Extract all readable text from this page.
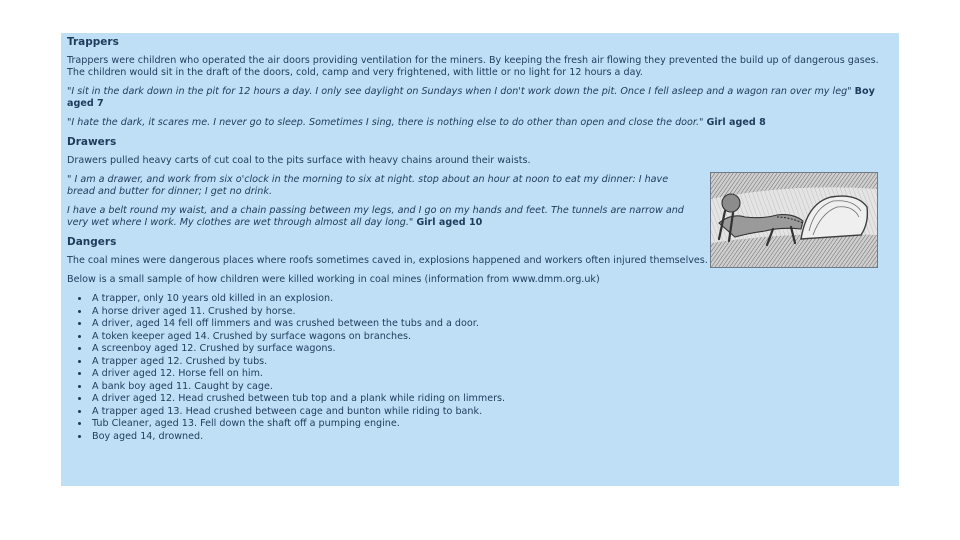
Trappers

Trappers were children who operated the air doors providing ventilation for the miners. By keeping the fresh air flowing they prevented the build up of dangerous gases. The children would sit in the draft of the doors, cold, camp and very frightened, with little or no light for 12 hours a day.

"I sit in the dark down in the pit for 12 hours a day. I only see daylight on Sundays when I don't work down the pit. Once I fell asleep and a wagon ran over my leg" Boy aged 7

"I hate the dark, it scares me. I never go to sleep. Sometimes I sing, there is nothing else to do other than open and close the door." Girl aged 8

Drawers

Drawers pulled heavy carts of cut coal to the pits surface with heavy chains around their waists.

" I am a drawer, and work from six o'clock in the morning to six at night. stop about an hour at noon to eat my dinner: I have bread and butter for dinner; I get no drink.

I have a belt round my waist, and a chain passing between my legs, and I go on my hands and feet. The tunnels are narrow and very wet where I work. My clothes are wet through almost all day long." Girl aged 10

Dangers

The coal mines were dangerous places where roofs sometimes caved in, explosions happened and workers often injured themselves.

Below is a small sample of how children were killed working in coal mines (information from www.dmm.org.uk)

• A trapper, only 10 years old killed in an explosion.
• A horse driver aged 11. Crushed by horse.
• A driver, aged 14 fell off limmers and was crushed between the tubs and a door.
• A token keeper aged 14. Crushed by surface wagons on branches.
• A screenboy aged 12. Crushed by surface wagons.
• A trapper aged 12. Crushed by tubs.
• A driver aged 12. Horse fell on him.
• A bank boy aged 11. Caught by cage.
• A driver aged 12. Head crushed between tub top and a plank while riding on limmers.
• A trapper aged 13. Head crushed between cage and bunton while riding to bank.
• Tub Cleaner, aged 13. Fell down the shaft off a pumping engine.
• Boy aged 14, drowned.
